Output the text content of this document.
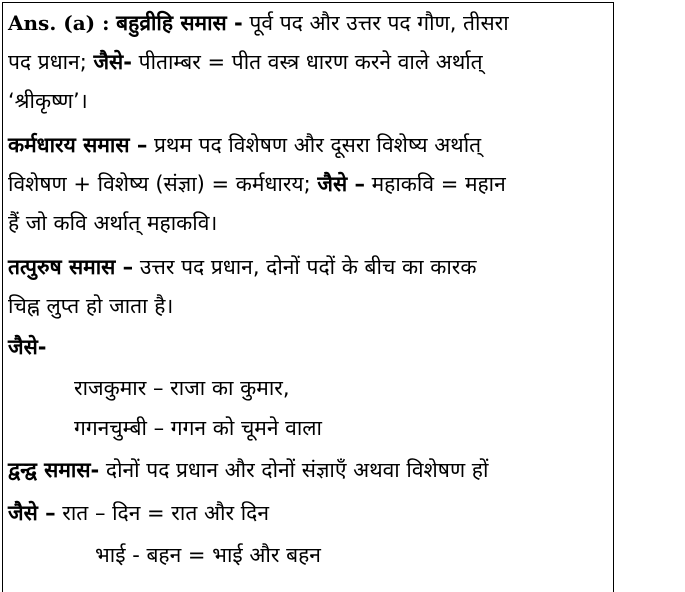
Ans. (a) : बहुव्रीहि समास - पूर्व पद और उत्तर पद गौण, तीसरा
पद प्रधान; जैसे- पीताम्बर = पीत वस्त्र धारण करने वाले अर्थात्
‘श्रीकृष्ण’।
कर्मधारय समास – प्रथम पद विशेषण और दूसरा विशेष्य अर्थात्
विशेषण + विशेष्य (संज्ञा) = कर्मधारय; जैसे – महाकवि = महान
हैं जो कवि अर्थात् महाकवि।
तत्पुरुष समास – उत्तर पद प्रधान, दोनों पदों के बीच का कारक
चिह्न लुप्त हो जाता है।
जैसे-
राजकुमार – राजा का कुमार,
गगनचुम्बी – गगन को चूमने वाला
द्वन्द्व समास- दोनों पद प्रधान और दोनों संज्ञाएँ अथवा विशेषण हों
जैसे – रात – दिन = रात और दिन
भाई - बहन = भाई और बहन
